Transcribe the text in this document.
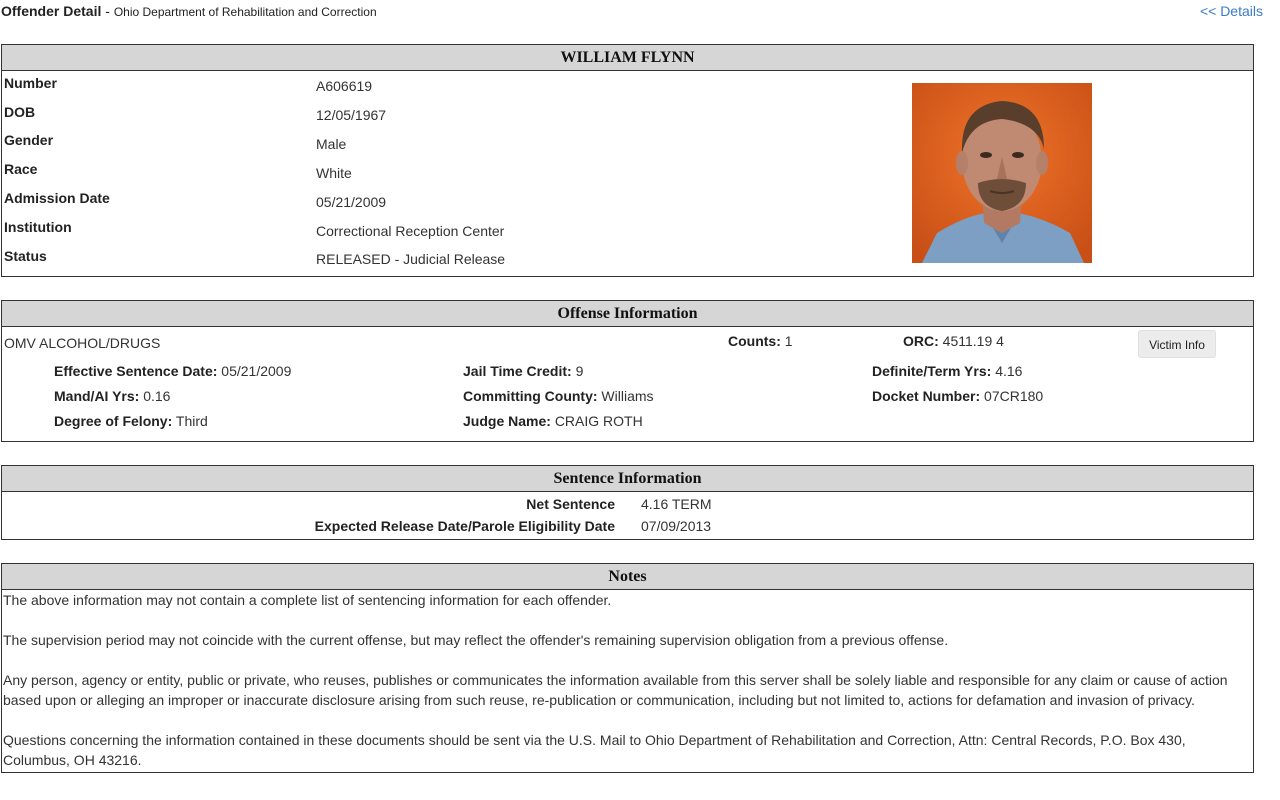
Offender Detail - Ohio Department of Rehabilitation and Correction	<< Details
WILLIAM FLYNN
Number	A606619
DOB	12/05/1967
Gender	Male
Race	White
Admission Date	05/21/2009
Institution	Correctional Reception Center
Status	RELEASED - Judicial Release
Offense Information
OMV ALCOHOL/DRUGS	Counts: 1	ORC: 4511.19 4	Victim Info
Effective Sentence Date: 05/21/2009	Jail Time Credit: 9	Definite/Term Yrs: 4.16
Mand/AI Yrs: 0.16	Committing County: Williams	Docket Number: 07CR180
Degree of Felony: Third	Judge Name: CRAIG ROTH
Sentence Information
Net Sentence 4.16 TERM
Expected Release Date/Parole Eligibility Date 07/09/2013
Notes
The above information may not contain a complete list of sentencing information for each offender.
The supervision period may not coincide with the current offense, but may reflect the offender's remaining supervision obligation from a previous offense.
Any person, agency or entity, public or private, who reuses, publishes or communicates the information available from this server shall be solely liable and responsible for any claim or cause of action based upon or alleging an improper or inaccurate disclosure arising from such reuse, re-publication or communication, including but not limited to, actions for defamation and invasion of privacy.
Questions concerning the information contained in these documents should be sent via the U.S. Mail to Ohio Department of Rehabilitation and Correction, Attn: Central Records, P.O. Box 430, Columbus, OH 43216.
